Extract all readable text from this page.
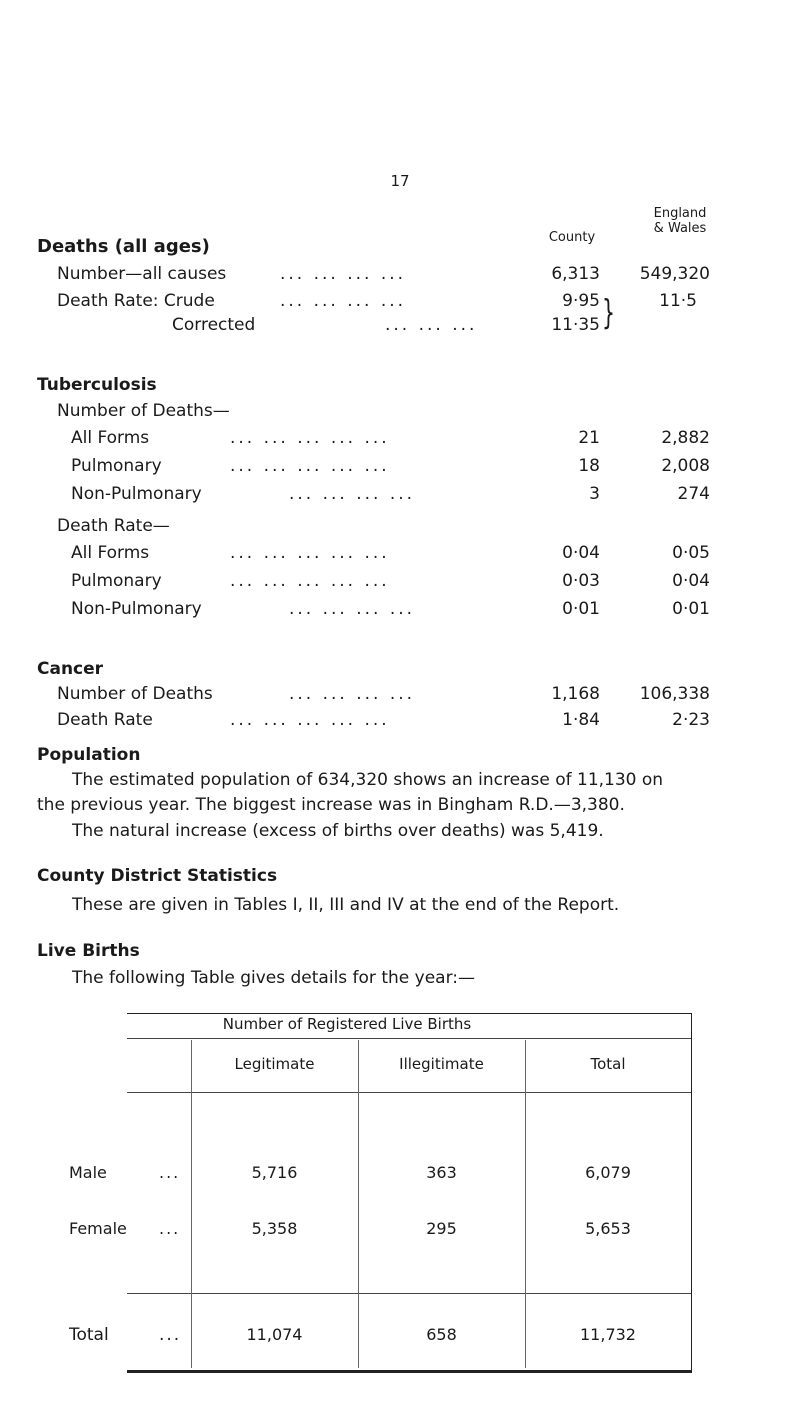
17
County
England
& Wales
Deaths (all ages)
Number—all causes	... ... ... ...	6,313 549,320
Death Rate: Crude	... ... ... ...	9·95	11·5
Corrected	... ... ...	11·35 }
Tuberculosis
Number of Deaths—
All Forms	... ... ... ... ...	21	2,882
Pulmonary	... ... ... ... ...	18	2,008
Non-Pulmonary	... ... ... ...	3	274
Death Rate—
All Forms	... ... ... ... ...	0·04	0·05
Pulmonary	... ... ... ... ...	0·03	0·04
Non-Pulmonary	... ... ... ...	0·01	0·01
Cancer
Number of Deaths	... ... ... ...	1,168 106,338
Death Rate	... ... ... ... ...	1·84	2·23
Population
The estimated population of 634,320 shows an increase of 11,130 on
the previous year. The biggest increase was in Bingham R.D.—3,380.
The natural increase (excess of births over deaths) was 5,419.
County District Statistics
These are given in Tables I, II, III and IV at the end of the Report.
Live Births
The following Table gives details for the year:—
Number of Registered Live Births
Legitimate	Illegitimate	Total
Male	...	5,716	363	6,079
Female ...	5,358	295	5,653
Total	...	11,074	658	11,732
